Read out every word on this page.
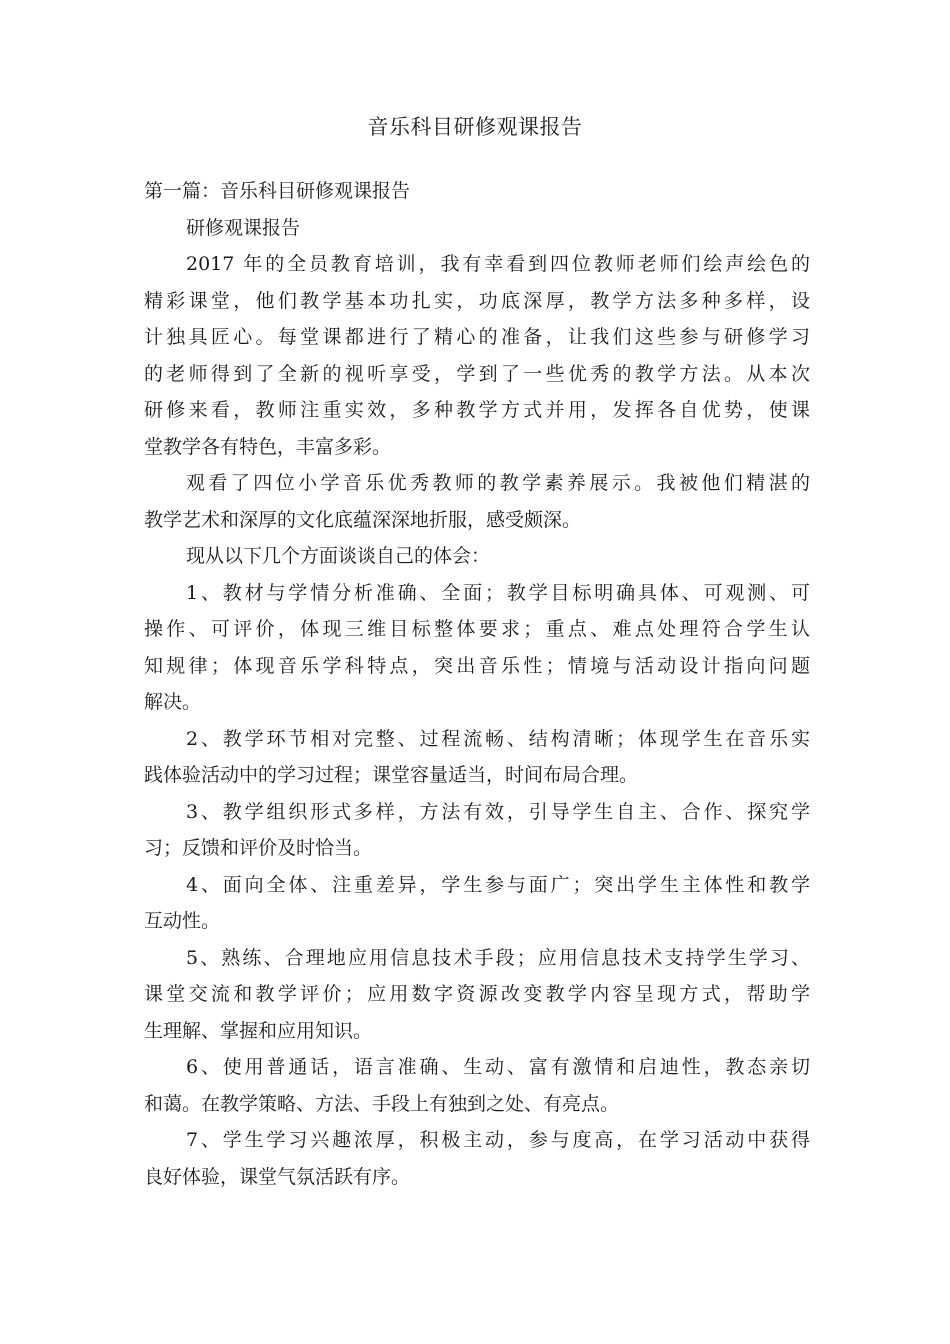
音乐科目研修观课报告

第一篇：音乐科目研修观课报告

研修观课报告

2017 年的全员教育培训，我有幸看到四位教师老师们绘声绘色的

精彩课堂，他们教学基本功扎实，功底深厚，教学方法多种多样，设

计独具匠心。每堂课都进行了精心的准备，让我们这些参与研修学习

的老师得到了全新的视听享受，学到了一些优秀的教学方法。从本次

研修来看，教师注重实效，多种教学方式并用，发挥各自优势，使课

堂教学各有特色，丰富多彩。

观看了四位小学音乐优秀教师的教学素养展示。我被他们精湛的

教学艺术和深厚的文化底蕴深深地折服，感受颇深。

现从以下几个方面谈谈自己的体会：

1、教材与学情分析准确、全面；教学目标明确具体、可观测、可

操作、可评价，体现三维目标整体要求；重点、难点处理符合学生认

知规律；体现音乐学科特点，突出音乐性；情境与活动设计指向问题

解决。

2、教学环节相对完整、过程流畅、结构清晰；体现学生在音乐实

践体验活动中的学习过程；课堂容量适当，时间布局合理。

3、教学组织形式多样，方法有效，引导学生自主、合作、探究学

习；反馈和评价及时恰当。

4、面向全体、注重差异，学生参与面广；突出学生主体性和教学

互动性。

5、熟练、合理地应用信息技术手段；应用信息技术支持学生学习、

课堂交流和教学评价；应用数字资源改变教学内容呈现方式，帮助学

生理解、掌握和应用知识。

6、使用普通话，语言准确、生动、富有激情和启迪性，教态亲切

和蔼。在教学策略、方法、手段上有独到之处、有亮点。

7、学生学习兴趣浓厚，积极主动，参与度高，在学习活动中获得

良好体验，课堂气氛活跃有序。
